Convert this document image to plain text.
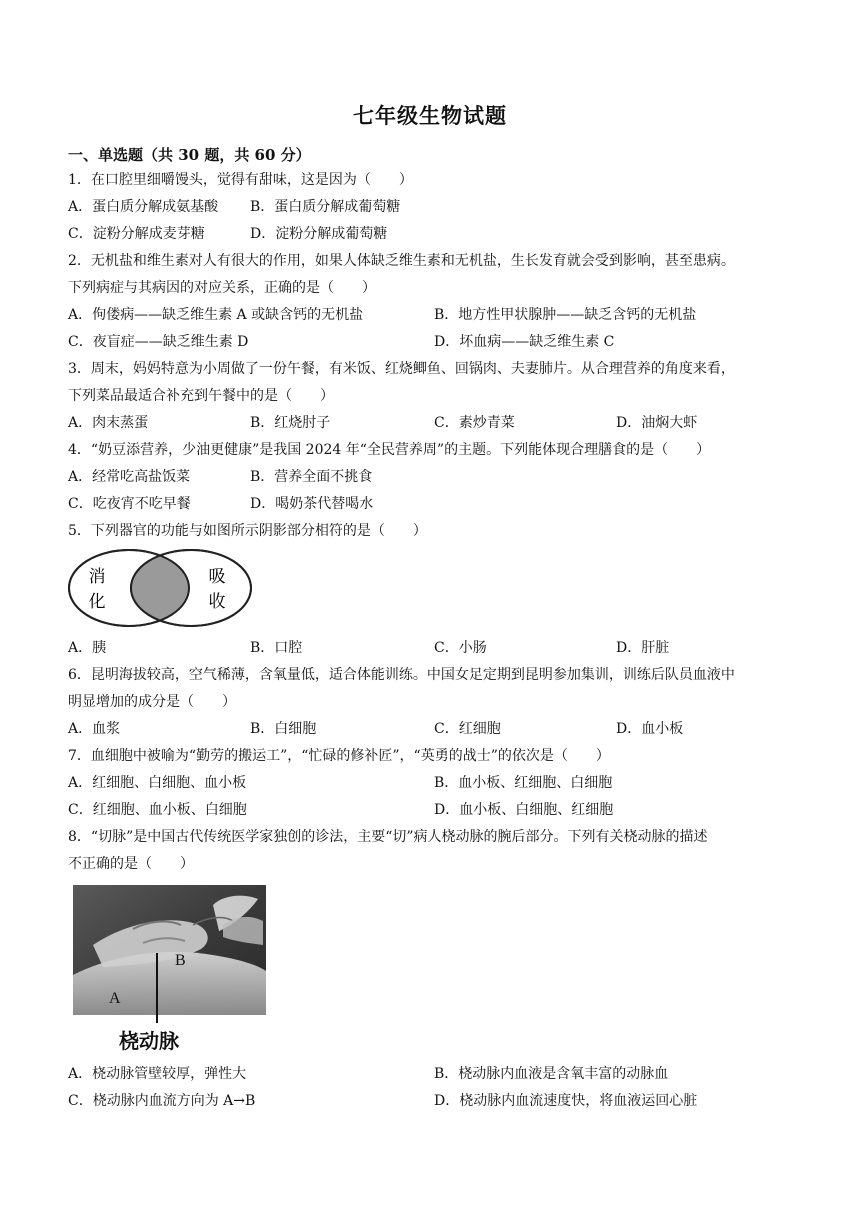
七年级生物试题
一、单选题（共 30 题，共 60 分）
1．在口腔里细嚼馒头，觉得有甜味，这是因为（　　）
A．蛋白质分解成氨基酸 B．蛋白质分解成葡萄糖
C．淀粉分解成麦芽糖	D．淀粉分解成葡萄糖
2．无机盐和维生素对人有很大的作用，如果人体缺乏维生素和无机盐，生长发育就会受到影响，甚至患病。
下列病症与其病因的对应关系，正确的是（　　）
A．佝偻病——缺乏维生素 A 或缺含钙的无机盐	B．地方性甲状腺肿——缺乏含钙的无机盐
C．夜盲症——缺乏维生素 D	D．坏血病——缺乏维生素 C
3．周末，妈妈特意为小周做了一份午餐，有米饭、红烧鲫鱼、回锅肉、夫妻肺片。从合理营养的角度来看，
下列菜品最适合补充到午餐中的是（　　）
A．肉末蒸蛋	B．红烧肘子	C．素炒青菜	D．油焖大虾
4．“奶豆添营养，少油更健康”是我国 2024 年“全民营养周”的主题。下列能体现合理膳食的是（　　）
A．经常吃高盐饭菜	B．营养全面不挑食
C．吃夜宵不吃早餐	D．喝奶茶代替喝水
5．下列器官的功能与如图所示阴影部分相符的是（　　）
消
化
吸
收
A．胰	B．口腔	C．小肠	D．肝脏
6．昆明海拔较高，空气稀薄，含氧量低，适合体能训练。中国女足定期到昆明参加集训，训练后队员血液中
明显增加的成分是（　　）
A．血浆	B．白细胞	C．红细胞	D．血小板
7．血细胞中被喻为“勤劳的搬运工”，“忙碌的修补匠”，“英勇的战士”的依次是（　　）
A．红细胞、白细胞、血小板	B．血小板、红细胞、白细胞
C．红细胞、血小板、白细胞	D．血小板、白细胞、红细胞
8．“切脉”是中国古代传统医学家独创的诊法，主要“切”病人桡动脉的腕后部分。下列有关桡动脉的描述
不正确的是（　　）
B
A
桡动脉
A．桡动脉管壁较厚，弹性大	B．桡动脉内血液是含氧丰富的动脉血
C．桡动脉内血流方向为 A→B	D．桡动脉内血流速度快，将血液运回心脏
